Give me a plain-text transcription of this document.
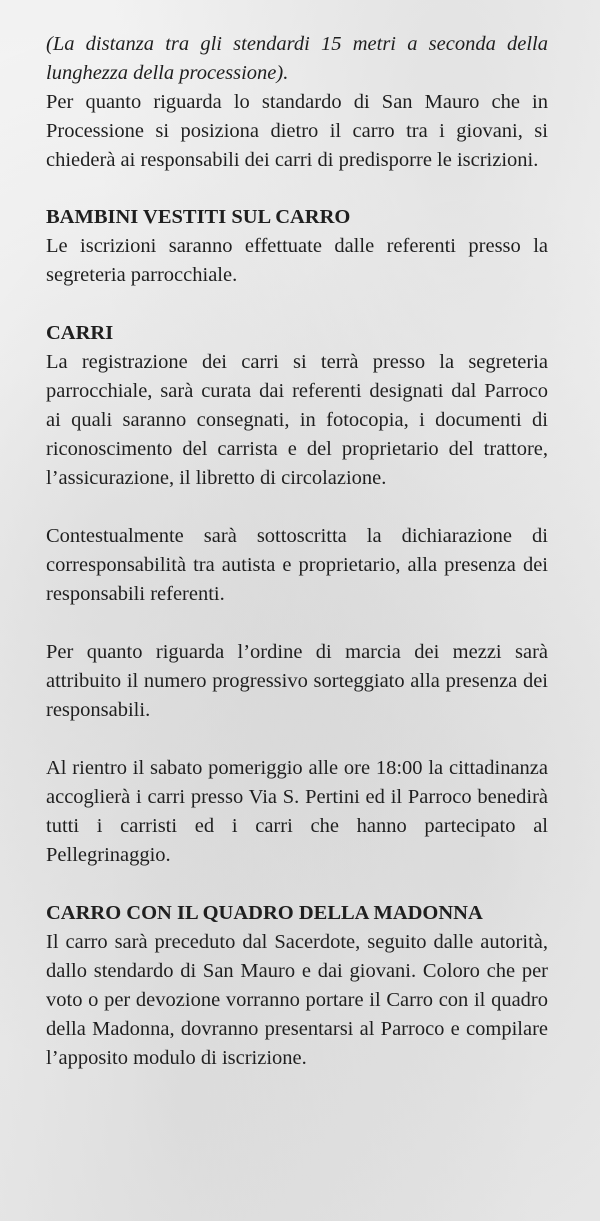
(La distanza tra gli stendardi 15 metri a seconda della lunghezza della processione).

Per quanto riguarda lo standardo di San Mauro che in Processione si posiziona dietro il carro tra i giovani, si chiederà ai responsabili dei carri di predisporre le iscrizioni.

BAMBINI VESTITI SUL CARRO

Le iscrizioni saranno effettuate dalle referenti presso la segreteria parrocchiale.

CARRI

La registrazione dei carri si terrà presso la segreteria parrocchiale, sarà curata dai referenti designati dal Parroco ai quali saranno consegnati, in fotocopia, i documenti di riconoscimento del carrista e del proprietario del trattore, l’assicurazione, il libretto di circolazione.

Contestualmente sarà sottoscritta la dichiarazione di corresponsabilità tra autista e proprietario, alla presenza dei responsabili referenti.

Per quanto riguarda l’ordine di marcia dei mezzi sarà attribuito il numero progressivo sorteggiato alla presenza dei responsabili.

Al rientro il sabato pomeriggio alle ore 18:00 la cittadinanza accoglierà i carri presso Via S. Pertini ed il Parroco benedirà tutti i carristi ed i carri che hanno partecipato al Pellegrinaggio.

CARRO CON IL QUADRO DELLA MADONNA

Il carro sarà preceduto dal Sacerdote, seguito dalle autorità, dallo stendardo di San Mauro e dai giovani. Coloro che per voto o per devozione vorranno portare il Carro con il quadro della Madonna, dovranno presentarsi al Parroco e compilare l’apposito modulo di iscrizione.
